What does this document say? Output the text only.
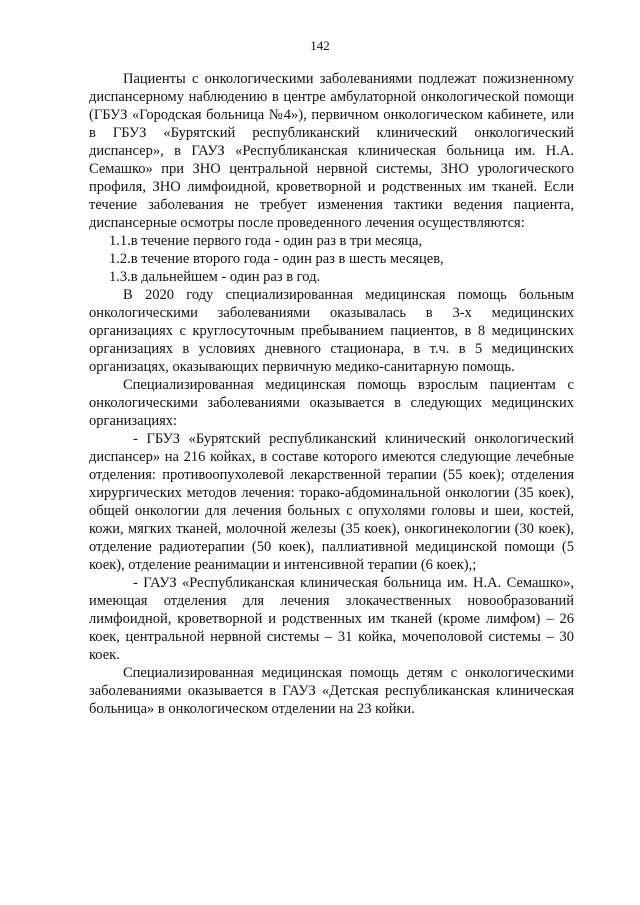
142

Пациенты с онкологическими заболеваниями подлежат пожизненному диспансерному наблюдению в центре амбулаторной онкологической помощи (ГБУЗ «Городская больница №4»), первичном онкологическом кабинете, или в ГБУЗ «Бурятский республиканский клинический онкологический диспансер», в ГАУЗ «Республиканская клиническая больница им. Н.А. Семашко» при ЗНО центральной нервной системы, ЗНО урологического профиля, ЗНО лимфоидной, кроветворной и родственных им тканей. Если течение заболевания не требует изменения тактики ведения пациента, диспансерные осмотры после проведенного лечения осуществляются:

1.1.в течение первого года - один раз в три месяца,

1.2.в течение второго года - один раз в шесть месяцев,

1.3.в дальнейшем - один раз в год.

В 2020 году специализированная медицинская помощь больным онкологическими заболеваниями оказывалась в 3-х медицинских организациях с круглосуточным пребыванием пациентов, в 8 медицинских организациях в условиях дневного стационара, в т.ч. в 5 медицинских организацях, оказывающих первичную медико-санитарную помощь.

Специализированная медицинская помощь взрослым пациентам с онкологическими заболеваниями оказывается в следующих медицинских организациях:

- ГБУЗ «Бурятский республиканский клинический онкологический диспансер» на 216 койках, в составе которого имеются следующие лечебные отделения: противоопухолевой лекарственной терапии (55 коек); отделения хирургических методов лечения: торако-абдоминальной онкологии (35 коек), общей онкологии для лечения больных с опухолями головы и шеи, костей, кожи, мягких тканей, молочной железы (35 коек), онкогинекологии (30 коек), отделение радиотерапии (50 коек), паллиативной медицинской помощи (5 коек), отделение реанимации и интенсивной терапии (6 коек),;

- ГАУЗ «Республиканская клиническая больница им. Н.А. Семашко», имеющая отделения для лечения злокачественных новообразований лимфоидной, кроветворной и родственных им тканей (кроме лимфом) – 26 коек, центральной нервной системы – 31 койка, мочеполовой системы – 30 коек.

Специализированная медицинская помощь детям с онкологическими заболеваниями оказывается в ГАУЗ «Детская республиканская клиническая больница» в онкологическом отделении на 23 койки.
